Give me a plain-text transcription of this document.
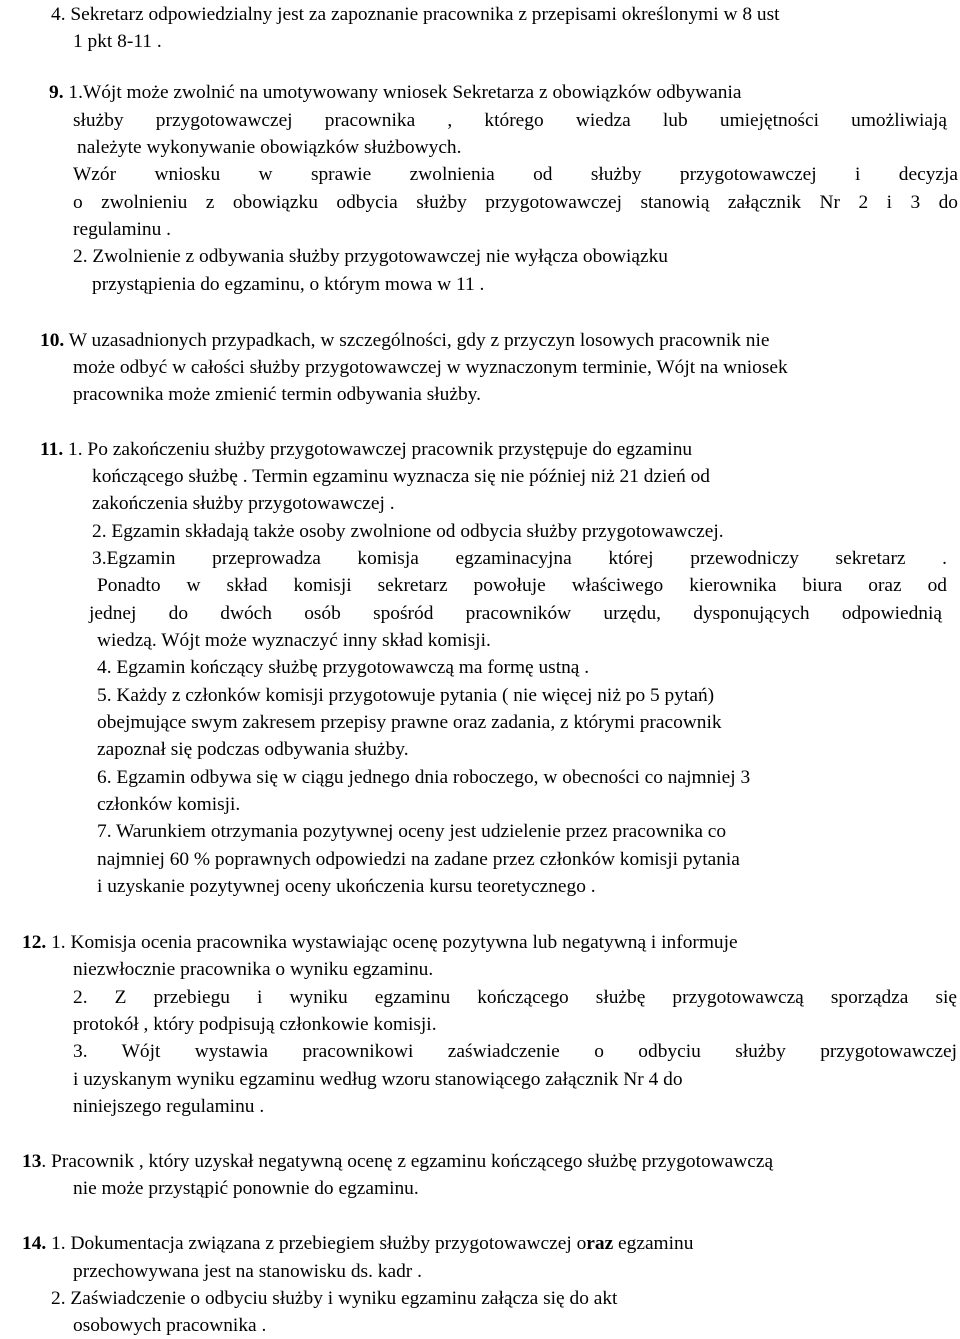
4. Sekretarz odpowiedzialny jest za zapoznanie pracownika z przepisami określonymi w 8 ust
1 pkt 8-11 .
9. 1.Wójt może zwolnić na umotywowany wniosek Sekretarza z obowiązków odbywania
służby przygotowawczej pracownika , którego wiedza lub umiejętności umożliwiają
należyte wykonywanie obowiązków służbowych.
Wzór wniosku w sprawie zwolnienia od służby przygotowawczej i decyzja
o zwolnieniu z obowiązku odbycia służby przygotowawczej stanowią załącznik Nr 2 i 3 do
regulaminu .
2. Zwolnienie z odbywania służby przygotowawczej nie wyłącza obowiązku
przystąpienia do egzaminu, o którym mowa w 11 .
10. W uzasadnionych przypadkach, w szczególności, gdy z przyczyn losowych pracownik nie
może odbyć w całości służby przygotowawczej w wyznaczonym terminie, Wójt na wniosek
pracownika może zmienić termin odbywania służby.
11. 1. Po zakończeniu służby przygotowawczej pracownik przystępuje do egzaminu
kończącego służbę . Termin egzaminu wyznacza się nie później niż 21 dzień od
zakończenia służby przygotowawczej .
2. Egzamin składają także osoby zwolnione od odbycia służby przygotowawczej.
3.Egzamin przeprowadza komisja egzaminacyjna której przewodniczy sekretarz .
Ponadto w skład komisji sekretarz powołuje właściwego kierownika biura oraz od
jednej do dwóch osób spośród pracowników urzędu, dysponujących odpowiednią
wiedzą. Wójt może wyznaczyć inny skład komisji.
4. Egzamin kończący służbę przygotowawczą ma formę ustną .
5. Każdy z członków komisji przygotowuje pytania ( nie więcej niż po 5 pytań)
obejmujące swym zakresem przepisy prawne oraz zadania, z którymi pracownik
zapoznał się podczas odbywania służby.
6. Egzamin odbywa się w ciągu jednego dnia roboczego, w obecności co najmniej 3
członków komisji.
7. Warunkiem otrzymania pozytywnej oceny jest udzielenie przez pracownika co
najmniej 60 % poprawnych odpowiedzi na zadane przez członków komisji pytania
i uzyskanie pozytywnej oceny ukończenia kursu teoretycznego .
12. 1. Komisja ocenia pracownika wystawiając ocenę pozytywna lub negatywną i informuje
niezwłocznie pracownika o wyniku egzaminu.
2. Z przebiegu i wyniku egzaminu kończącego służbę przygotowawczą sporządza się
protokół , który podpisują członkowie komisji.
3. Wójt wystawia pracownikowi zaświadczenie o odbyciu służby przygotowawczej
i uzyskanym wyniku egzaminu według wzoru stanowiącego załącznik Nr 4 do
niniejszego regulaminu .
13. Pracownik , który uzyskał negatywną ocenę z egzaminu kończącego służbę przygotowawczą
nie może przystąpić ponownie do egzaminu.
14. 1. Dokumentacja związana z przebiegiem służby przygotowawczej oraz egzaminu
przechowywana jest na stanowisku ds. kadr .
2. Zaświadczenie o odbyciu służby i wyniku egzaminu załącza się do akt
osobowych pracownika .
